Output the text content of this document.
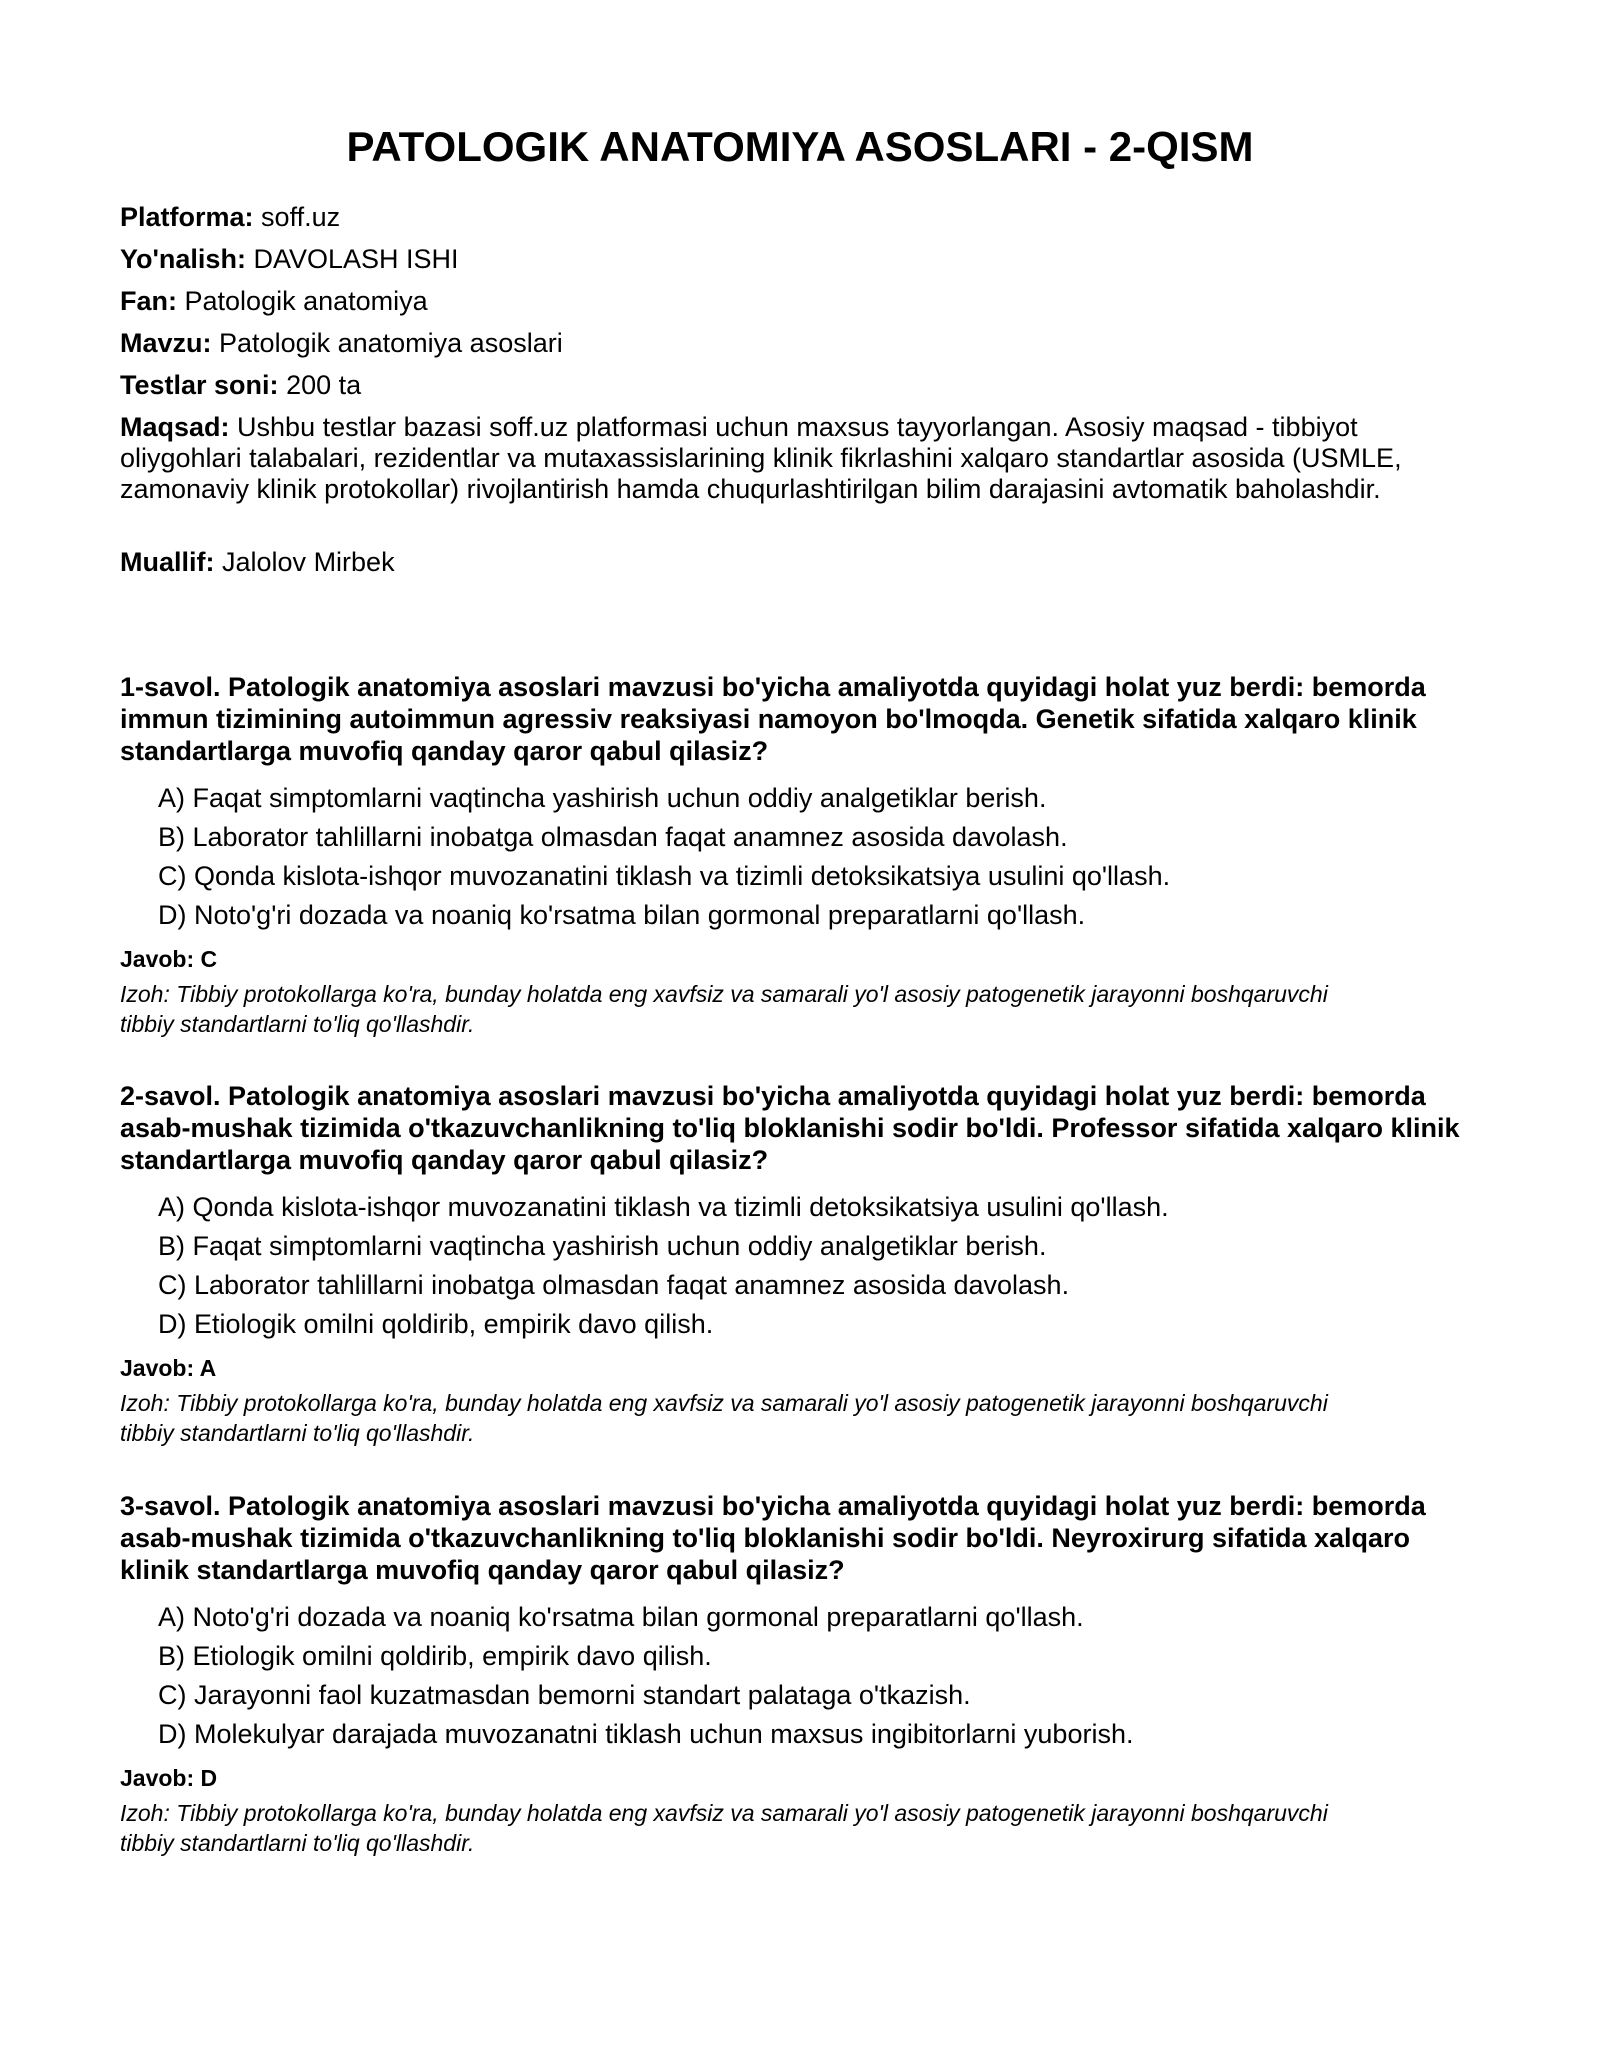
PATOLOGIK ANATOMIYA ASOSLARI - 2-QISM
Platforma: soff.uz
Yo'nalish: DAVOLASH ISHI
Fan: Patologik anatomiya
Mavzu: Patologik anatomiya asoslari
Testlar soni: 200 ta
Maqsad: Ushbu testlar bazasi soff.uz platformasi uchun maxsus tayyorlangan. Asosiy maqsad - tibbiyot oliygohlari talabalari, rezidentlar va mutaxassislarining klinik fikrlashini xalqaro standartlar asosida (USMLE, zamonaviy klinik protokollar) rivojlantirish hamda chuqurlashtirilgan bilim darajasini avtomatik baholashdir.
Muallif: Jalolov Mirbek

1-savol. Patologik anatomiya asoslari mavzusi bo'yicha amaliyotda quyidagi holat yuz berdi: bemorda immun tizimining autoimmun agressiv reaksiyasi namoyon bo'lmoqda. Genetik sifatida xalqaro klinik standartlarga muvofiq qanday qaror qabul qilasiz?

A) Faqat simptomlarni vaqtincha yashirish uchun oddiy analgetiklar berish.
B) Laborator tahlillarni inobatga olmasdan faqat anamnez asosida davolash.
C) Qonda kislota-ishqor muvozanatini tiklash va tizimli detoksikatsiya usulini qo'llash.
D) Noto'g'ri dozada va noaniq ko'rsatma bilan gormonal preparatlarni qo'llash.
Javob: C
Izoh: Tibbiy protokollarga ko'ra, bunday holatda eng xavfsiz va samarali yo'l asosiy patogenetik jarayonni boshqaruvchi tibbiy standartlarni to'liq qo'llashdir.

2-savol. Patologik anatomiya asoslari mavzusi bo'yicha amaliyotda quyidagi holat yuz berdi: bemorda asab-mushak tizimida o'tkazuvchanlikning to'liq bloklanishi sodir bo'ldi. Professor sifatida xalqaro klinik standartlarga muvofiq qanday qaror qabul qilasiz?

A) Qonda kislota-ishqor muvozanatini tiklash va tizimli detoksikatsiya usulini qo'llash.
B) Faqat simptomlarni vaqtincha yashirish uchun oddiy analgetiklar berish.
C) Laborator tahlillarni inobatga olmasdan faqat anamnez asosida davolash.
D) Etiologik omilni qoldirib, empirik davo qilish.
Javob: A
Izoh: Tibbiy protokollarga ko'ra, bunday holatda eng xavfsiz va samarali yo'l asosiy patogenetik jarayonni boshqaruvchi tibbiy standartlarni to'liq qo'llashdir.

3-savol. Patologik anatomiya asoslari mavzusi bo'yicha amaliyotda quyidagi holat yuz berdi: bemorda asab-mushak tizimida o'tkazuvchanlikning to'liq bloklanishi sodir bo'ldi. Neyroxirurg sifatida xalqaro klinik standartlarga muvofiq qanday qaror qabul qilasiz?

A) Noto'g'ri dozada va noaniq ko'rsatma bilan gormonal preparatlarni qo'llash.
B) Etiologik omilni qoldirib, empirik davo qilish.
C) Jarayonni faol kuzatmasdan bemorni standart palataga o'tkazish.
D) Molekulyar darajada muvozanatni tiklash uchun maxsus ingibitorlarni yuborish.
Javob: D
Izoh: Tibbiy protokollarga ko'ra, bunday holatda eng xavfsiz va samarali yo'l asosiy patogenetik jarayonni boshqaruvchi tibbiy standartlarni to'liq qo'llashdir.
